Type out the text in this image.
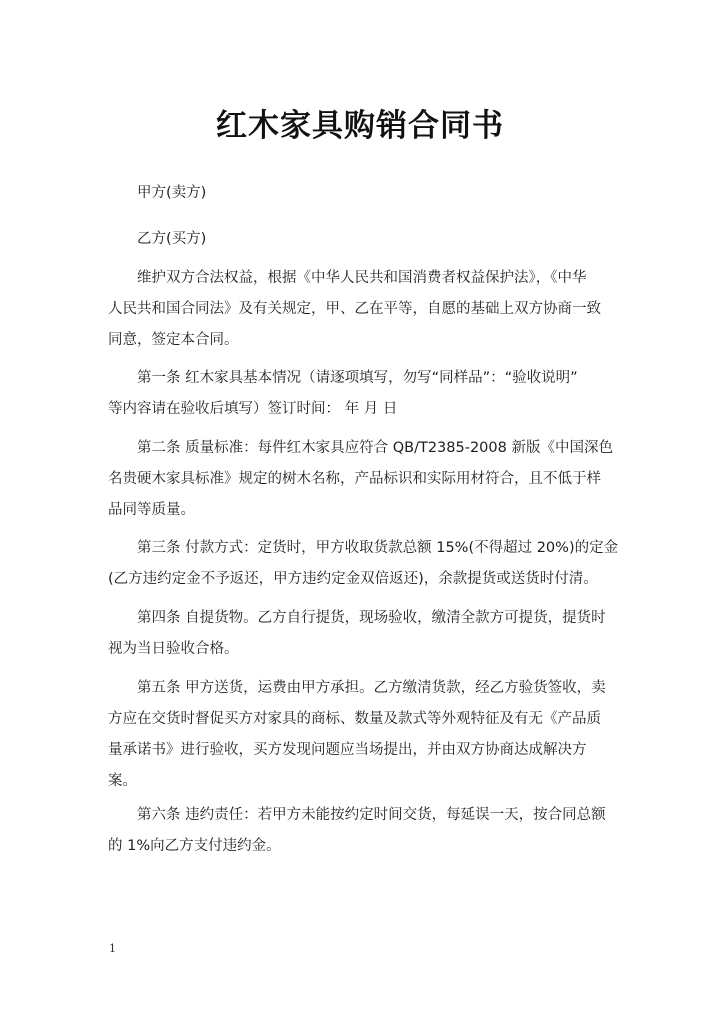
红木家具购销合同书
甲方(卖方)
乙方(买方)
维护双方合法权益，根据《中华人民共和国消费者权益保护法》，《中华
人民共和国合同法》及有关规定，甲、乙在平等，自愿的基础上双方协商一致
同意，签定本合同。
第一条 红木家具基本情况（请逐项填写，勿写“同样品”：“验收说明”
等内容请在验收后填写）签订时间： 年 月 日
第二条 质量标准：每件红木家具应符合 QB/T2385-2008 新版《中国深色
名贵硬木家具标准》规定的树木名称，产品标识和实际用材符合，且不低于样
品同等质量。
第三条 付款方式：定货时，甲方收取货款总额 15%(不得超过 20%)的定金
(乙方违约定金不予返还，甲方违约定金双倍返还)，余款提货或送货时付清。
第四条 自提货物。乙方自行提货，现场验收，缴清全款方可提货，提货时
视为当日验收合格。
第五条 甲方送货，运费由甲方承担。乙方缴清货款，经乙方验货签收，卖
方应在交货时督促买方对家具的商标、数量及款式等外观特征及有无《产品质
量承诺书》进行验收，买方发现问题应当场提出，并由双方协商达成解决方
案。
第六条 违约责任：若甲方未能按约定时间交货，每延误一天，按合同总额
的 1%向乙方支付违约金。
1
